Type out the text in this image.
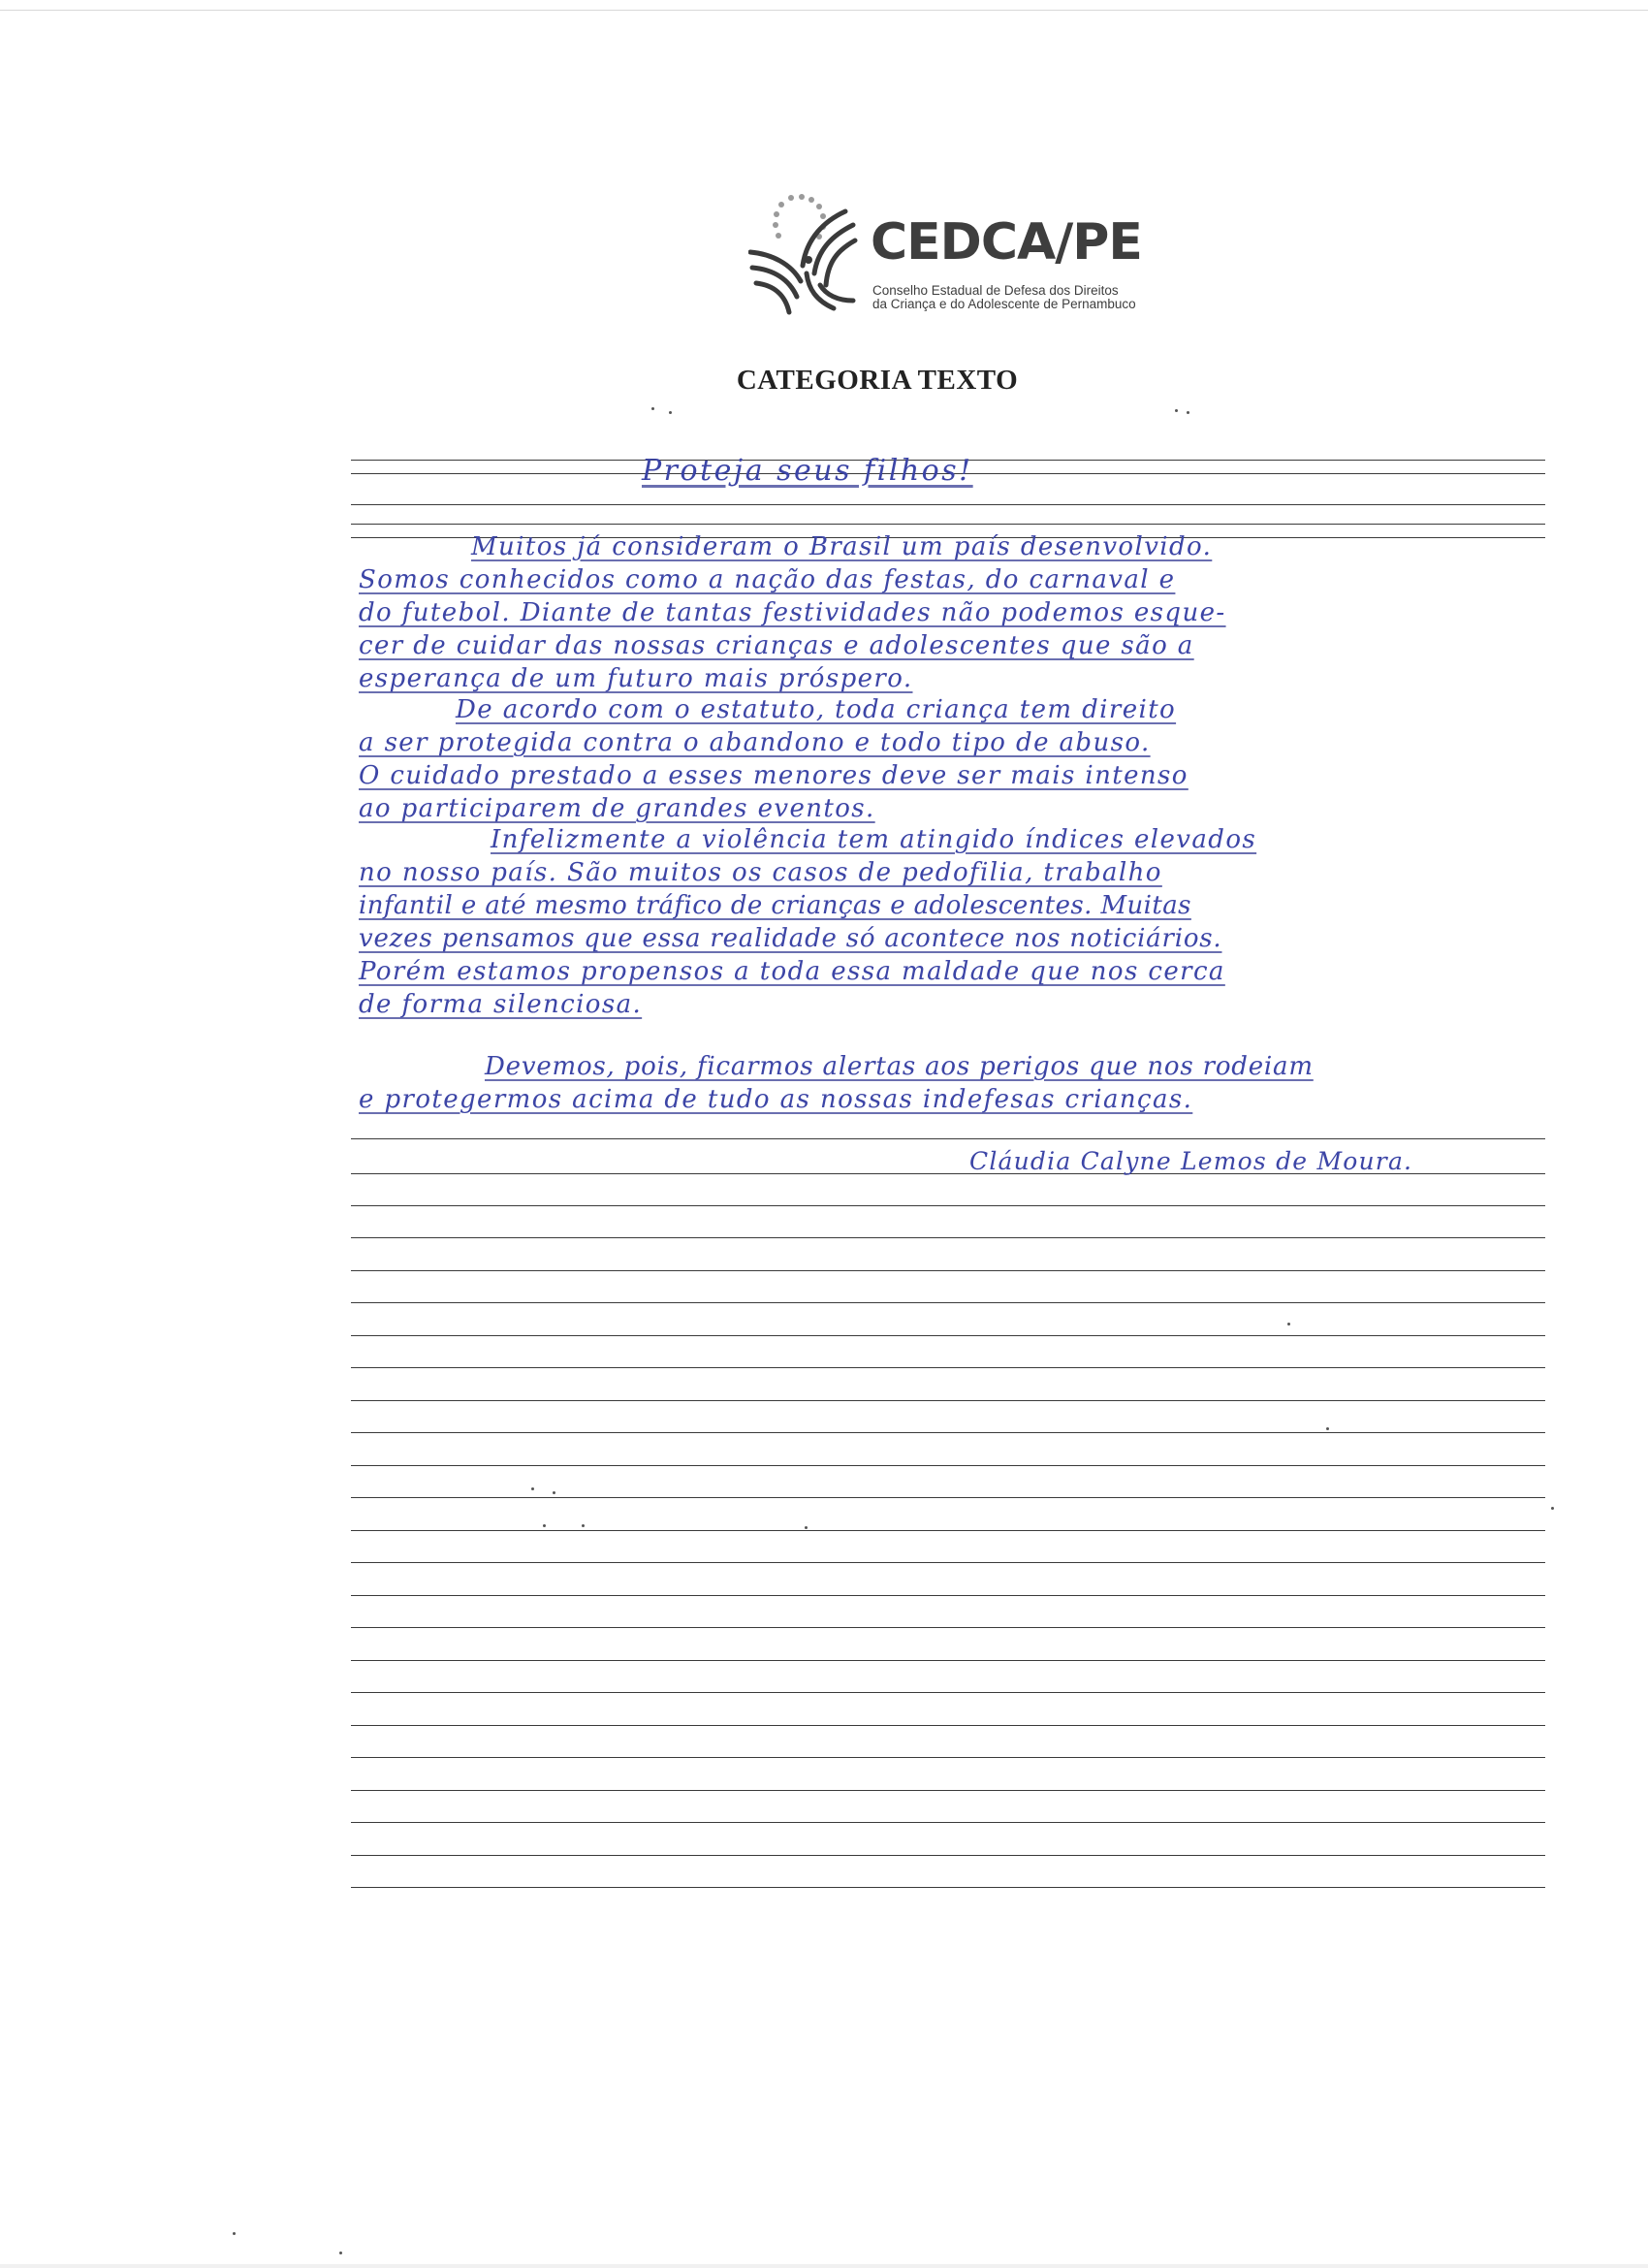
CEDCA/PE
Conselho Estadual de Defesa dos Direitos
da Criança e do Adolescente de Pernambuco
CATEGORIA TEXTO
Proteja seus filhos!
Muitos já consideram o Brasil um país desenvolvido.
Somos conhecidos como a nação das festas, do carnaval e
do futebol. Diante de tantas festividades não podemos esque-
cer de cuidar das nossas crianças e adolescentes que são a
esperança de um futuro mais próspero.
De acordo com o estatuto, toda criança tem direito
a ser protegida contra o abandono e todo tipo de abuso.
O cuidado prestado a esses menores deve ser mais intenso
ao participarem de grandes eventos.
Infelizmente a violência tem atingido índices elevados
no nosso país. São muitos os casos de pedofilia, trabalho
infantil e até mesmo tráfico de crianças e adolescentes. Muitas
vezes pensamos que essa realidade só acontece nos noticiários.
Porém estamos propensos a toda essa maldade que nos cerca
de forma silenciosa.
Devemos, pois, ficarmos alertas aos perigos que nos rodeiam
e protegermos acima de tudo as nossas indefesas crianças.
Cláudia Calyne Lemos de Moura.
